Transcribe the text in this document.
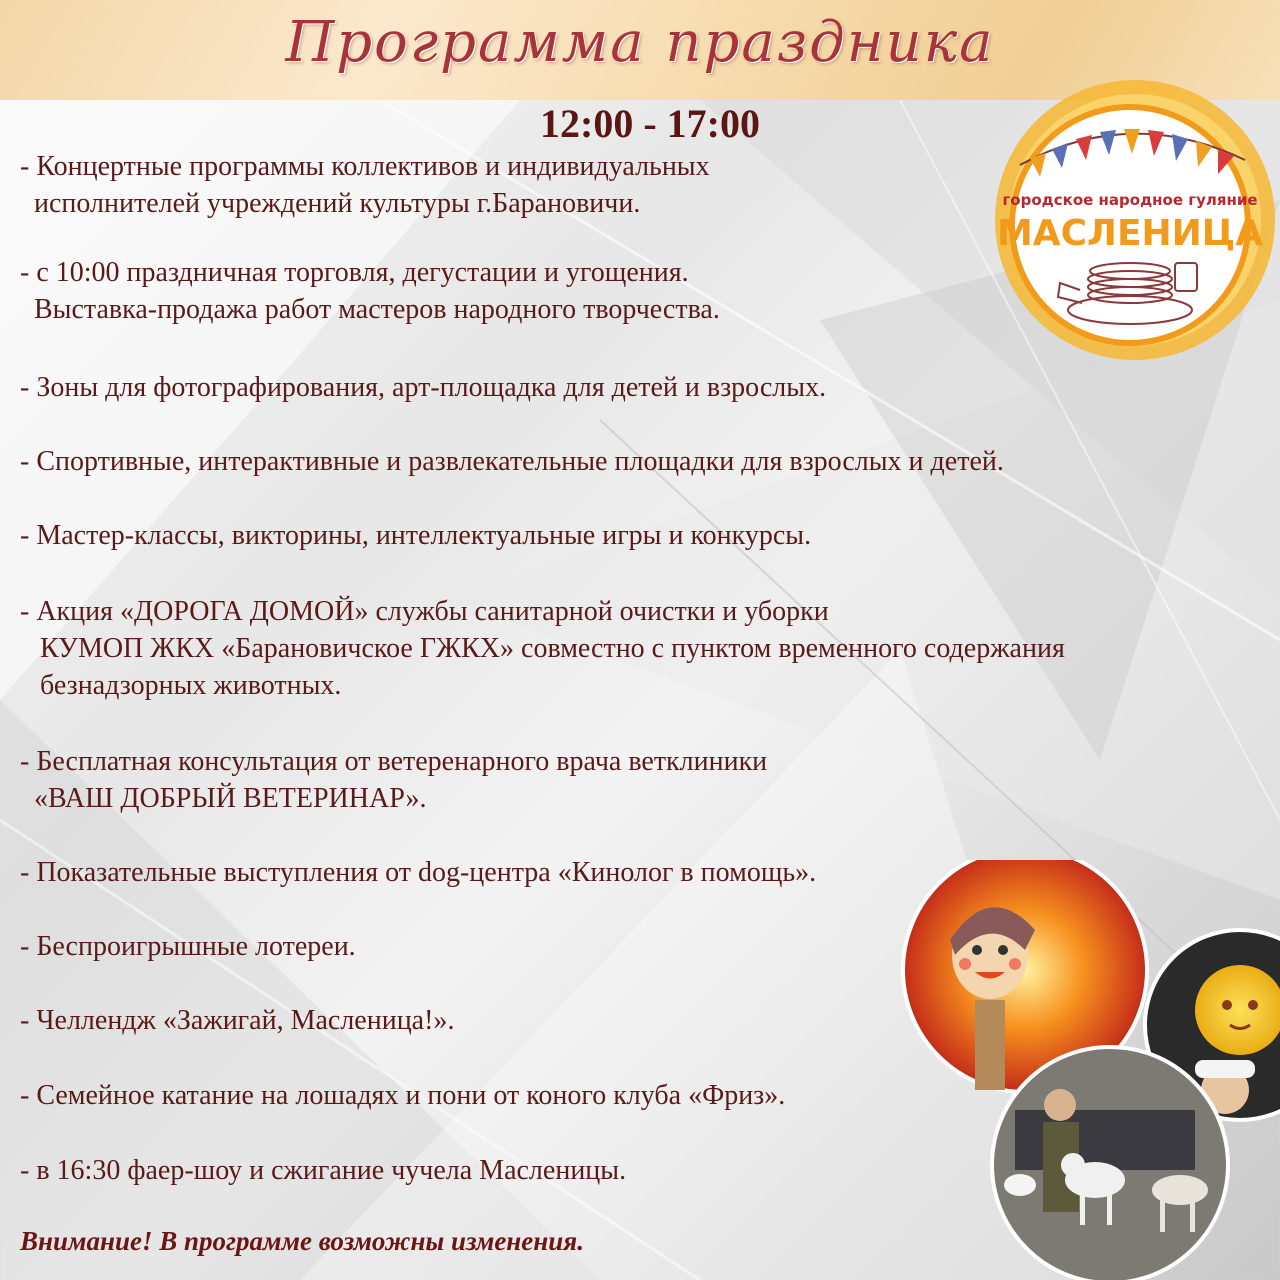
Программа праздника
12:00 - 17:00
городское народное гуляние
МАСЛЕНИЦА
- Концертные программы коллективов и индивидуальных
исполнителей учреждений культуры г.Барановичи.
- с 10:00 праздничная торговля, дегустации и угощения.
Выставка-продажа работ мастеров народного творчества.
- Зоны для фотографирования, арт-площадка для детей и взрослых.
- Спортивные, интерактивные и развлекательные площадки для взрослых и детей.
- Мастер-классы, викторины, интеллектуальные игры и конкурсы.
- Акция «ДОРОГА ДОМОЙ» службы санитарной очистки и уборки
КУМОП ЖКХ «Барановичское ГЖКХ» совместно с пунктом временного содержания
безнадзорных животных.
- Бесплатная консультация от ветеренарного врача ветклиники
«ВАШ ДОБРЫЙ ВЕТЕРИНАР».
- Показательные выступления от dog-центра «Кинолог в помощь».
- Беспроигрышные лотереи.
- Челлендж «Зажигай, Масленица!».
- Семейное катание на лошадях и пони от коного клуба «Фриз».
- в 16:30 фаер-шоу и сжигание чучела Масленицы.
Внимание! В программе возможны изменения.
